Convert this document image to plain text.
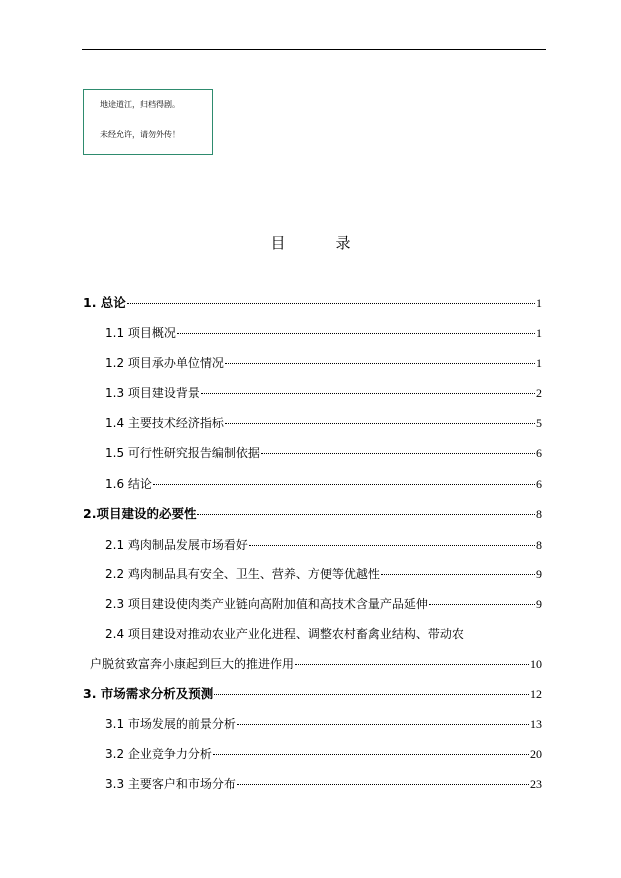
地途道江，归档得剧。
未经允许，请勿外传！
目	录
1. 总论	1
1.1 项目概况	1
1.2 项目承办单位情况	1
1.3 项目建设背景	2
1.4 主要技术经济指标	5
1.5 可行性研究报告编制依据	6
1.6 结论	6
2.项目建设的必要性	8
2.1 鸡肉制品发展市场看好	8
2.2 鸡肉制品具有安全、卫生、营养、方便等优越性	9
2.3 项目建设使肉类产业链向高附加值和高技术含量产品延伸	9
2.4 项目建设对推动农业产业化进程、调整农村畜禽业结构、带动农
户脱贫致富奔小康起到巨大的推进作用	10
3. 市场需求分析及预测	12
3.1 市场发展的前景分析	13
3.2 企业竞争力分析	20
3.3 主要客户和市场分布	23
